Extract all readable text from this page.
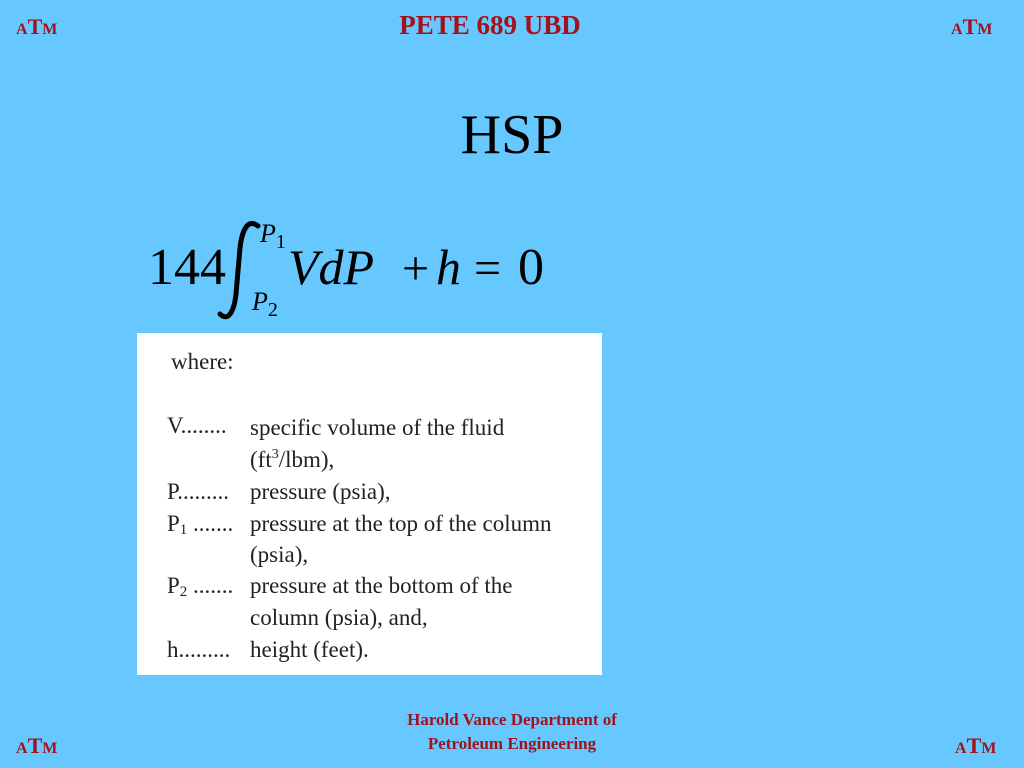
ATM	ATM
ATM	ATM
PETE 689 UBD
HSP
144
$P_1$
$P_2$
VdP + h = 0
where:
V........ specific volume of the fluid
$(ft^3/lbm)$,
P......... pressure (psia),
$P_1$ ....... pressure at the top of the column
(psia),
$P_2$ ....... pressure at the bottom of the
column (psia), and,
h......... height (feet).
Harold Vance Department of
Petroleum Engineering
